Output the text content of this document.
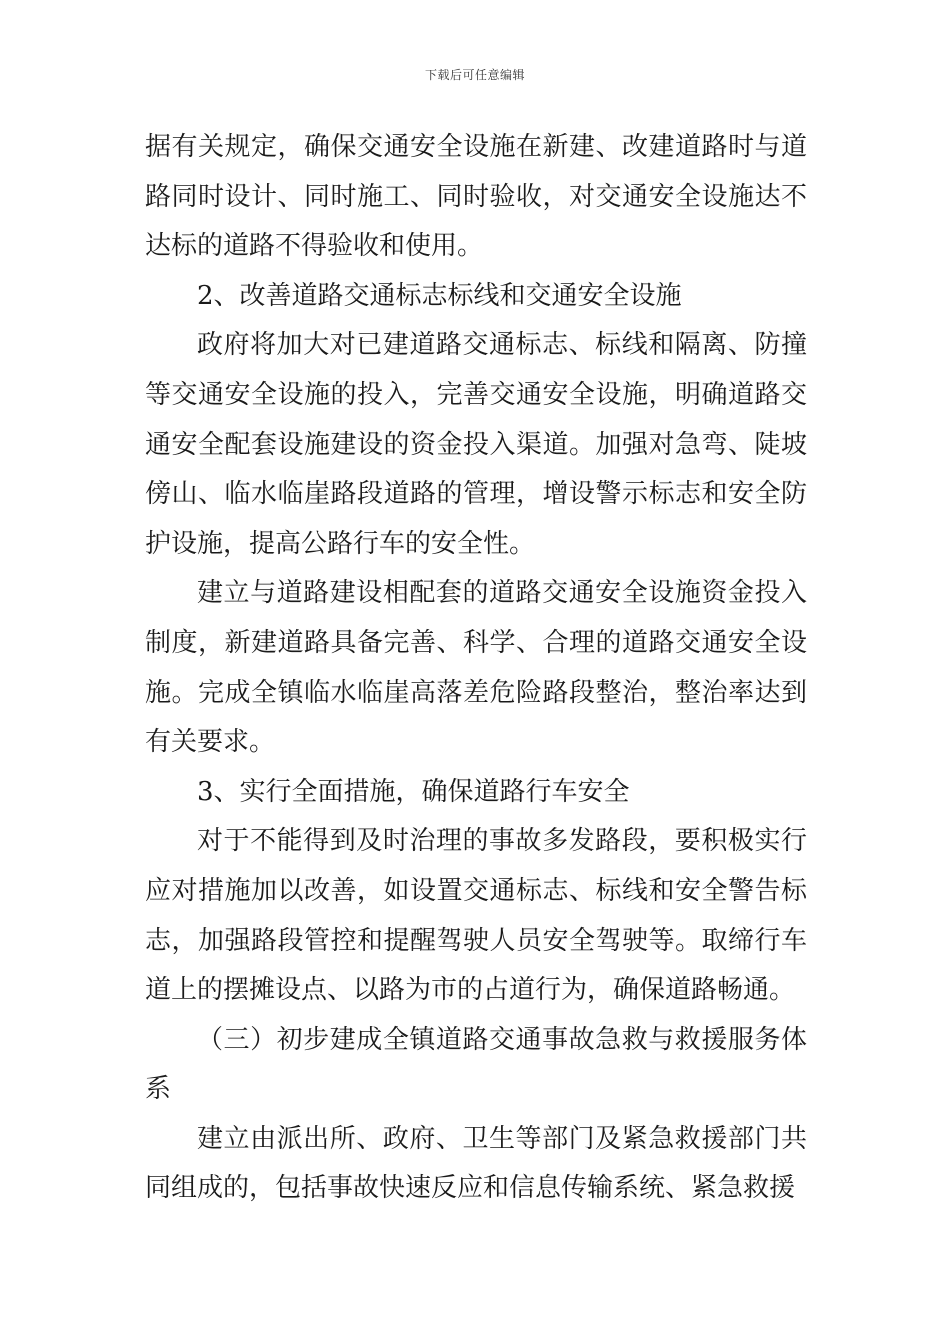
下载后可任意编辑

据有关规定，确保交通安全设施在新建、改建道路时与道路同时设计、同时施工、同时验收，对交通安全设施达不达标的道路不得验收和使用。

2、改善道路交通标志标线和交通安全设施

政府将加大对已建道路交通标志、标线和隔离、防撞等交通安全设施的投入，完善交通安全设施，明确道路交通安全配套设施建设的资金投入渠道。加强对急弯、陡坡傍山、临水临崖路段道路的管理，增设警示标志和安全防护设施，提高公路行车的安全性。

建立与道路建设相配套的道路交通安全设施资金投入制度，新建道路具备完善、科学、合理的道路交通安全设施。完成全镇临水临崖高落差危险路段整治，整治率达到有关要求。

3、实行全面措施，确保道路行车安全

对于不能得到及时治理的事故多发路段，要积极实行应对措施加以改善，如设置交通标志、标线和安全警告标志，加强路段管控和提醒驾驶人员安全驾驶等。取缔行车道上的摆摊设点、以路为市的占道行为，确保道路畅通。

（三）初步建成全镇道路交通事故急救与救援服务体系

建立由派出所、政府、卫生等部门及紧急救援部门共同组成的，包括事故快速反应和信息传输系统、紧急救援
